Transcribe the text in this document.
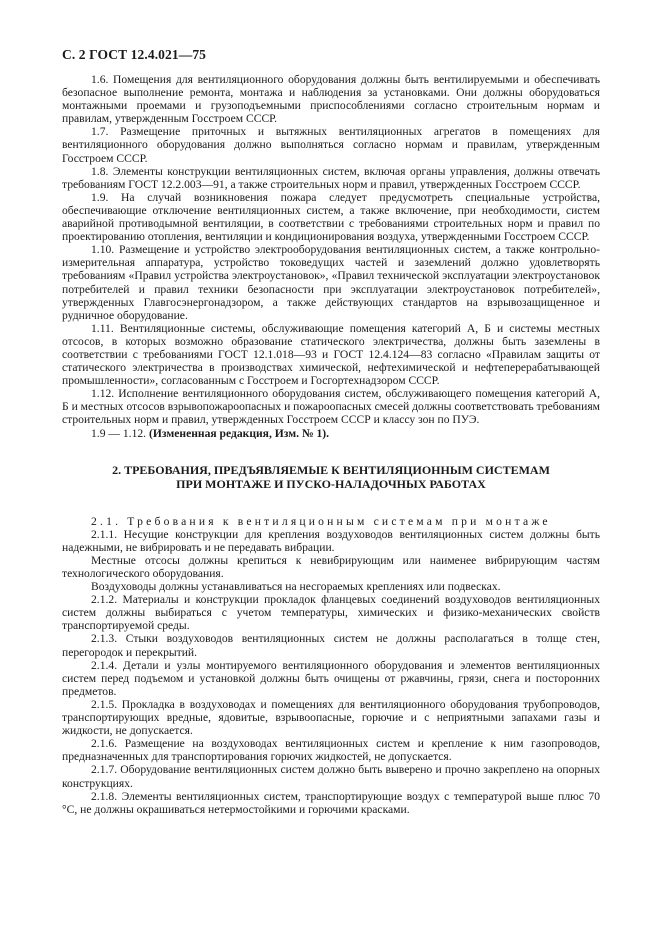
С. 2 ГОСТ 12.4.021—75

1.6. Помещения для вентиляционного оборудования должны быть вентилируемыми и обеспечивать безопасное выполнение ремонта, монтажа и наблюдения за установками. Они должны оборудоваться монтажными проемами и грузоподъемными приспособлениями согласно строительным нормам и правилам, утвержденным Госстроем СССР.

1.7. Размещение приточных и вытяжных вентиляционных агрегатов в помещениях для вентиляционного оборудования должно выполняться согласно нормам и правилам, утвержденным Госстроем СССР.

1.8. Элементы конструкции вентиляционных систем, включая органы управления, должны отвечать требованиям ГОСТ 12.2.003—91, а также строительных норм и правил, утвержденных Госстроем СССР.

1.9. На случай возникновения пожара следует предусмотреть специальные устройства, обеспечивающие отключение вентиляционных систем, а также включение, при необходимости, систем аварийной противодымной вентиляции, в соответствии с требованиями строительных норм и правил по проектированию отопления, вентиляции и кондиционирования воздуха, утвержденными Госстроем СССР.

1.10. Размещение и устройство электрооборудования вентиляционных систем, а также контрольно-измерительная аппаратура, устройство токоведущих частей и заземлений должно удовлетворять требованиям «Правил устройства электроустановок», «Правил технической эксплуатации электроустановок потребителей и правил техники безопасности при эксплуатации электроустановок потребителей», утвержденных Главгосэнергонадзором, а также действующих стандартов на взрывозащищенное и рудничное оборудование.

1.11. Вентиляционные системы, обслуживающие помещения категорий А, Б и системы местных отсосов, в которых возможно образование статического электричества, должны быть заземлены в соответствии с требованиями ГОСТ 12.1.018—93 и ГОСТ 12.4.124—83 согласно «Правилам защиты от статического электричества в производствах химической, нефтехимической и нефтеперерабатывающей промышленности», согласованным с Госстроем и Госгортехнадзором СССР.

1.12. Исполнение вентиляционного оборудования систем, обслуживающего помещения категорий А, Б и местных отсосов взрывопожароопасных и пожароопасных смесей должны соответствовать требованиям строительных норм и правил, утвержденных Госстроем СССР и классу зон по ПУЭ.

1.9 — 1.12. (Измененная редакция, Изм. № 1).

2. ТРЕБОВАНИЯ, ПРЕДЪЯВЛЯЕМЫЕ К ВЕНТИЛЯЦИОННЫМ СИСТЕМАМ
ПРИ МОНТАЖЕ И ПУСКО-НАЛАДОЧНЫХ РАБОТАХ

2.1. Требования к вентиляционным системам при монтаже

2.1.1. Несущие конструкции для крепления воздуховодов вентиляционных систем должны быть надежными, не вибрировать и не передавать вибрации.

Местные отсосы должны крепиться к невибрирующим или наименее вибрирующим частям технологического оборудования.

Воздуховоды должны устанавливаться на несгораемых креплениях или подвесках.

2.1.2. Материалы и конструкции прокладок фланцевых соединений воздуховодов вентиляционных систем должны выбираться с учетом температуры, химических и физико-механических свойств транспортируемой среды.

2.1.3. Стыки воздуховодов вентиляционных систем не должны располагаться в толще стен, перегородок и перекрытий.

2.1.4. Детали и узлы монтируемого вентиляционного оборудования и элементов вентиляционных систем перед подъемом и установкой должны быть очищены от ржавчины, грязи, снега и посторонних предметов.

2.1.5. Прокладка в воздуховодах и помещениях для вентиляционного оборудования трубопроводов, транспортирующих вредные, ядовитые, взрывоопасные, горючие и с неприятными запахами газы и жидкости, не допускается.

2.1.6. Размещение на воздуховодах вентиляционных систем и крепление к ним газопроводов, предназначенных для транспортирования горючих жидкостей, не допускается.

2.1.7. Оборудование вентиляционных систем должно быть выверено и прочно закреплено на опорных конструкциях.

2.1.8. Элементы вентиляционных систем, транспортирующие воздух с температурой выше плюс 70 °С, не должны окрашиваться нетермостойкими и горючими красками.
